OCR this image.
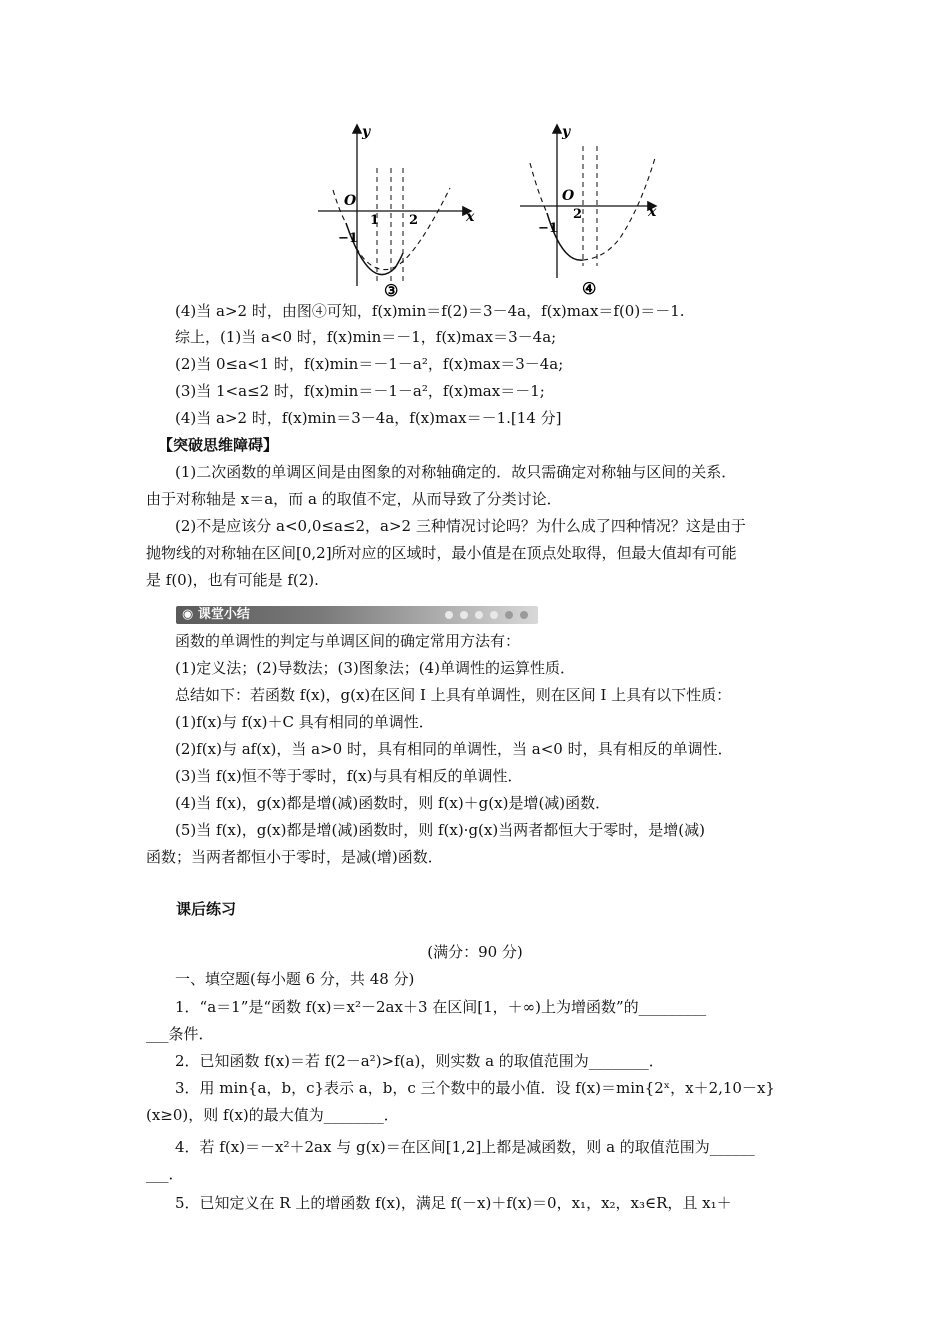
y
x
O
1 2
−1
③
y
x
O
2
−1
④
(4)当 a>2 时，由图④可知，f(x)min＝f(2)＝3－4a，f(x)max＝f(0)＝－1.
综上，(1)当 a<0 时，f(x)min＝－1，f(x)max＝3－4a;
(2)当 0≤a<1 时，f(x)min＝－1－a²，f(x)max＝3－4a;
(3)当 1<a≤2 时，f(x)min＝－1－a²，f(x)max＝－1;
(4)当 a>2 时，f(x)min＝3－4a，f(x)max＝－1.[14 分]
【突破思维障碍】
(1)二次函数的单调区间是由图象的对称轴确定的．故只需确定对称轴与区间的关系．
由于对称轴是 x＝a，而 a 的取值不定，从而导致了分类讨论．
(2)不是应该分 a<0,0≤a≤2，a>2 三种情况讨论吗？为什么成了四种情况？这是由于
抛物线的对称轴在区间[0,2]所对应的区域时，最小值是在顶点处取得，但最大值却有可能
是 f(0)，也有可能是 f(2).
◉ 课堂小结
函数的单调性的判定与单调区间的确定常用方法有：
(1)定义法；(2)导数法；(3)图象法；(4)单调性的运算性质．
总结如下：若函数 f(x)，g(x)在区间 I 上具有单调性，则在区间 I 上具有以下性质：
(1)f(x)与 f(x)＋C 具有相同的单调性．
(2)f(x)与 af(x)，当 a>0 时，具有相同的单调性，当 a<0 时，具有相反的单调性．
(3)当 f(x)恒不等于零时，f(x)与具有相反的单调性．
(4)当 f(x)，g(x)都是增(减)函数时，则 f(x)＋g(x)是增(减)函数．
(5)当 f(x)，g(x)都是增(减)函数时，则 f(x)·g(x)当两者都恒大于零时，是增(减)
函数；当两者都恒小于零时，是减(增)函数．
课后练习
(满分：90 分)
一、填空题(每小题 6 分，共 48 分)
1．“a＝1”是“函数 f(x)＝x²－2ax＋3 在区间[1，＋∞)上为增函数”的_________
___条件．
2．已知函数 f(x)＝若 f(2－a²)>f(a)，则实数 a 的取值范围为________．
3．用 min{a，b，c}表示 a，b，c 三个数中的最小值．设 f(x)＝min{2ˣ，x＋2,10－x}
(x≥0)，则 f(x)的最大值为________．
4．若 f(x)＝－x²＋2ax 与 g(x)＝在区间[1,2]上都是减函数，则 a 的取值范围为______
___．
5．已知定义在 R 上的增函数 f(x)，满足 f(－x)＋f(x)＝0，x₁，x₂，x₃∈R，且 x₁＋
